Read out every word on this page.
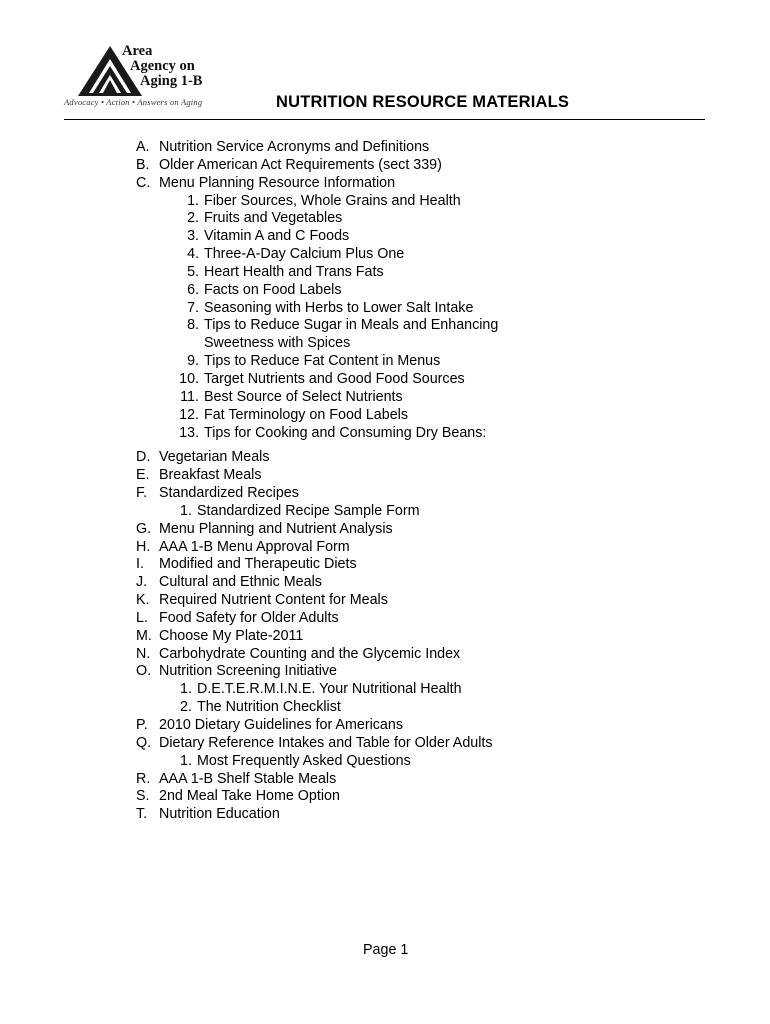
Area
Agency on
Aging 1-B
Advocacy • Action • Answers on Aging	NUTRITION RESOURCE MATERIALS
A. Nutrition Service Acronyms and Definitions
B. Older American Act Requirements (sect 339)
C. Menu Planning Resource Information
1. Fiber Sources, Whole Grains and Health
2. Fruits and Vegetables
3. Vitamin A and C Foods
4. Three-A-Day Calcium Plus One
5. Heart Health and Trans Fats
6. Facts on Food Labels
7. Seasoning with Herbs to Lower Salt Intake
8. Tips to Reduce Sugar in Meals and Enhancing
Sweetness with Spices
9. Tips to Reduce Fat Content in Menus
10. Target Nutrients and Good Food Sources
11. Best Source of Select Nutrients
12. Fat Terminology on Food Labels
13. Tips for Cooking and Consuming Dry Beans:
D. Vegetarian Meals
E. Breakfast Meals
F. Standardized Recipes
1. Standardized Recipe Sample Form
G. Menu Planning and Nutrient Analysis
H. AAA 1-B Menu Approval Form
I. Modified and Therapeutic Diets
J. Cultural and Ethnic Meals
K. Required Nutrient Content for Meals
L. Food Safety for Older Adults
M. Choose My Plate-2011
N. Carbohydrate Counting and the Glycemic Index
O. Nutrition Screening Initiative
1. D.E.T.E.R.M.I.N.E. Your Nutritional Health
2. The Nutrition Checklist
P. 2010 Dietary Guidelines for Americans
Q. Dietary Reference Intakes and Table for Older Adults
1. Most Frequently Asked Questions
R. AAA 1-B Shelf Stable Meals
S. 2nd Meal Take Home Option
T. Nutrition Education
Page 1
